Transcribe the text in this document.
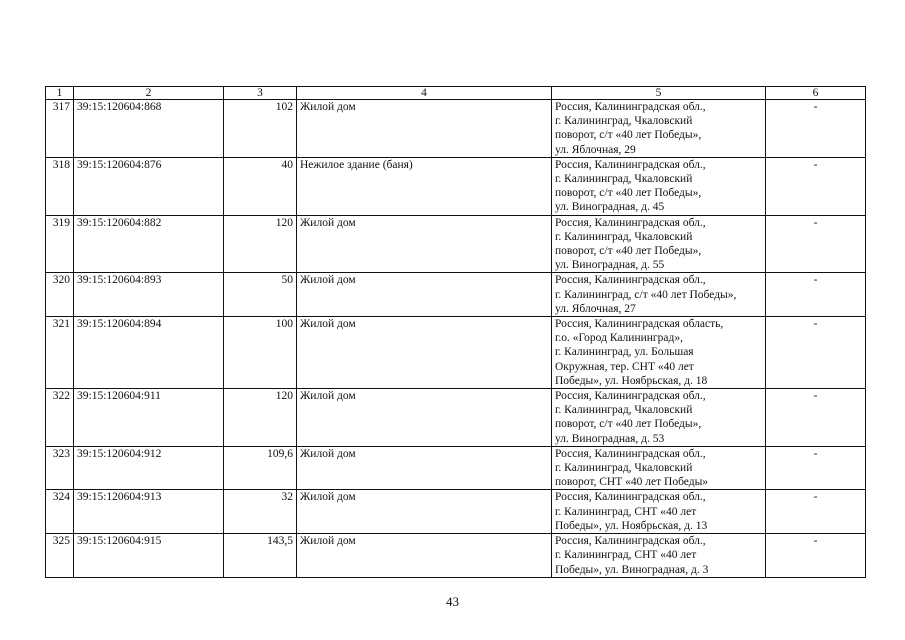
1	2	3	4	5	6
317	39:15:120604:868	102	Жилой дом	Россия, Калининградская обл.,
г. Калининград, Чкаловский
поворот, с/т «40 лет Победы»,
ул. Яблочная, 29	-
318	39:15:120604:876	40	Нежилое здание (баня)	Россия, Калининградская обл.,
г. Калининград, Чкаловский
поворот, с/т «40 лет Победы»,
ул. Виноградная, д. 45	-
319	39:15:120604:882	120	Жилой дом	Россия, Калининградская обл.,
г. Калининград, Чкаловский
поворот, с/т «40 лет Победы»,
ул. Виноградная, д. 55	-
320	39:15:120604:893	50	Жилой дом	Россия, Калининградская обл.,
г. Калининград, с/т «40 лет Победы»,
ул. Яблочная, 27	-
321	39:15:120604:894	100	Жилой дом	Россия, Калининградская область,
г.о. «Город Калининград»,
г. Калининград, ул. Большая
Окружная, тер. СНТ «40 лет
Победы», ул. Ноябрьская, д. 18	-
322	39:15:120604:911	120	Жилой дом	Россия, Калининградская обл.,
г. Калининград, Чкаловский
поворот, с/т «40 лет Победы»,
ул. Виноградная, д. 53	-
323	39:15:120604:912	109,6	Жилой дом	Россия, Калининградская обл.,
г. Калининград, Чкаловский
поворот, СНТ «40 лет Победы»	-
324	39:15:120604:913	32	Жилой дом	Россия, Калининградская обл.,
г. Калининград, СНТ «40 лет
Победы», ул. Ноябрьская, д. 13	-
325	39:15:120604:915	143,5	Жилой дом	Россия, Калининградская обл.,
г. Калининград, СНТ «40 лет
Победы», ул. Виноградная, д. 3	-
43
